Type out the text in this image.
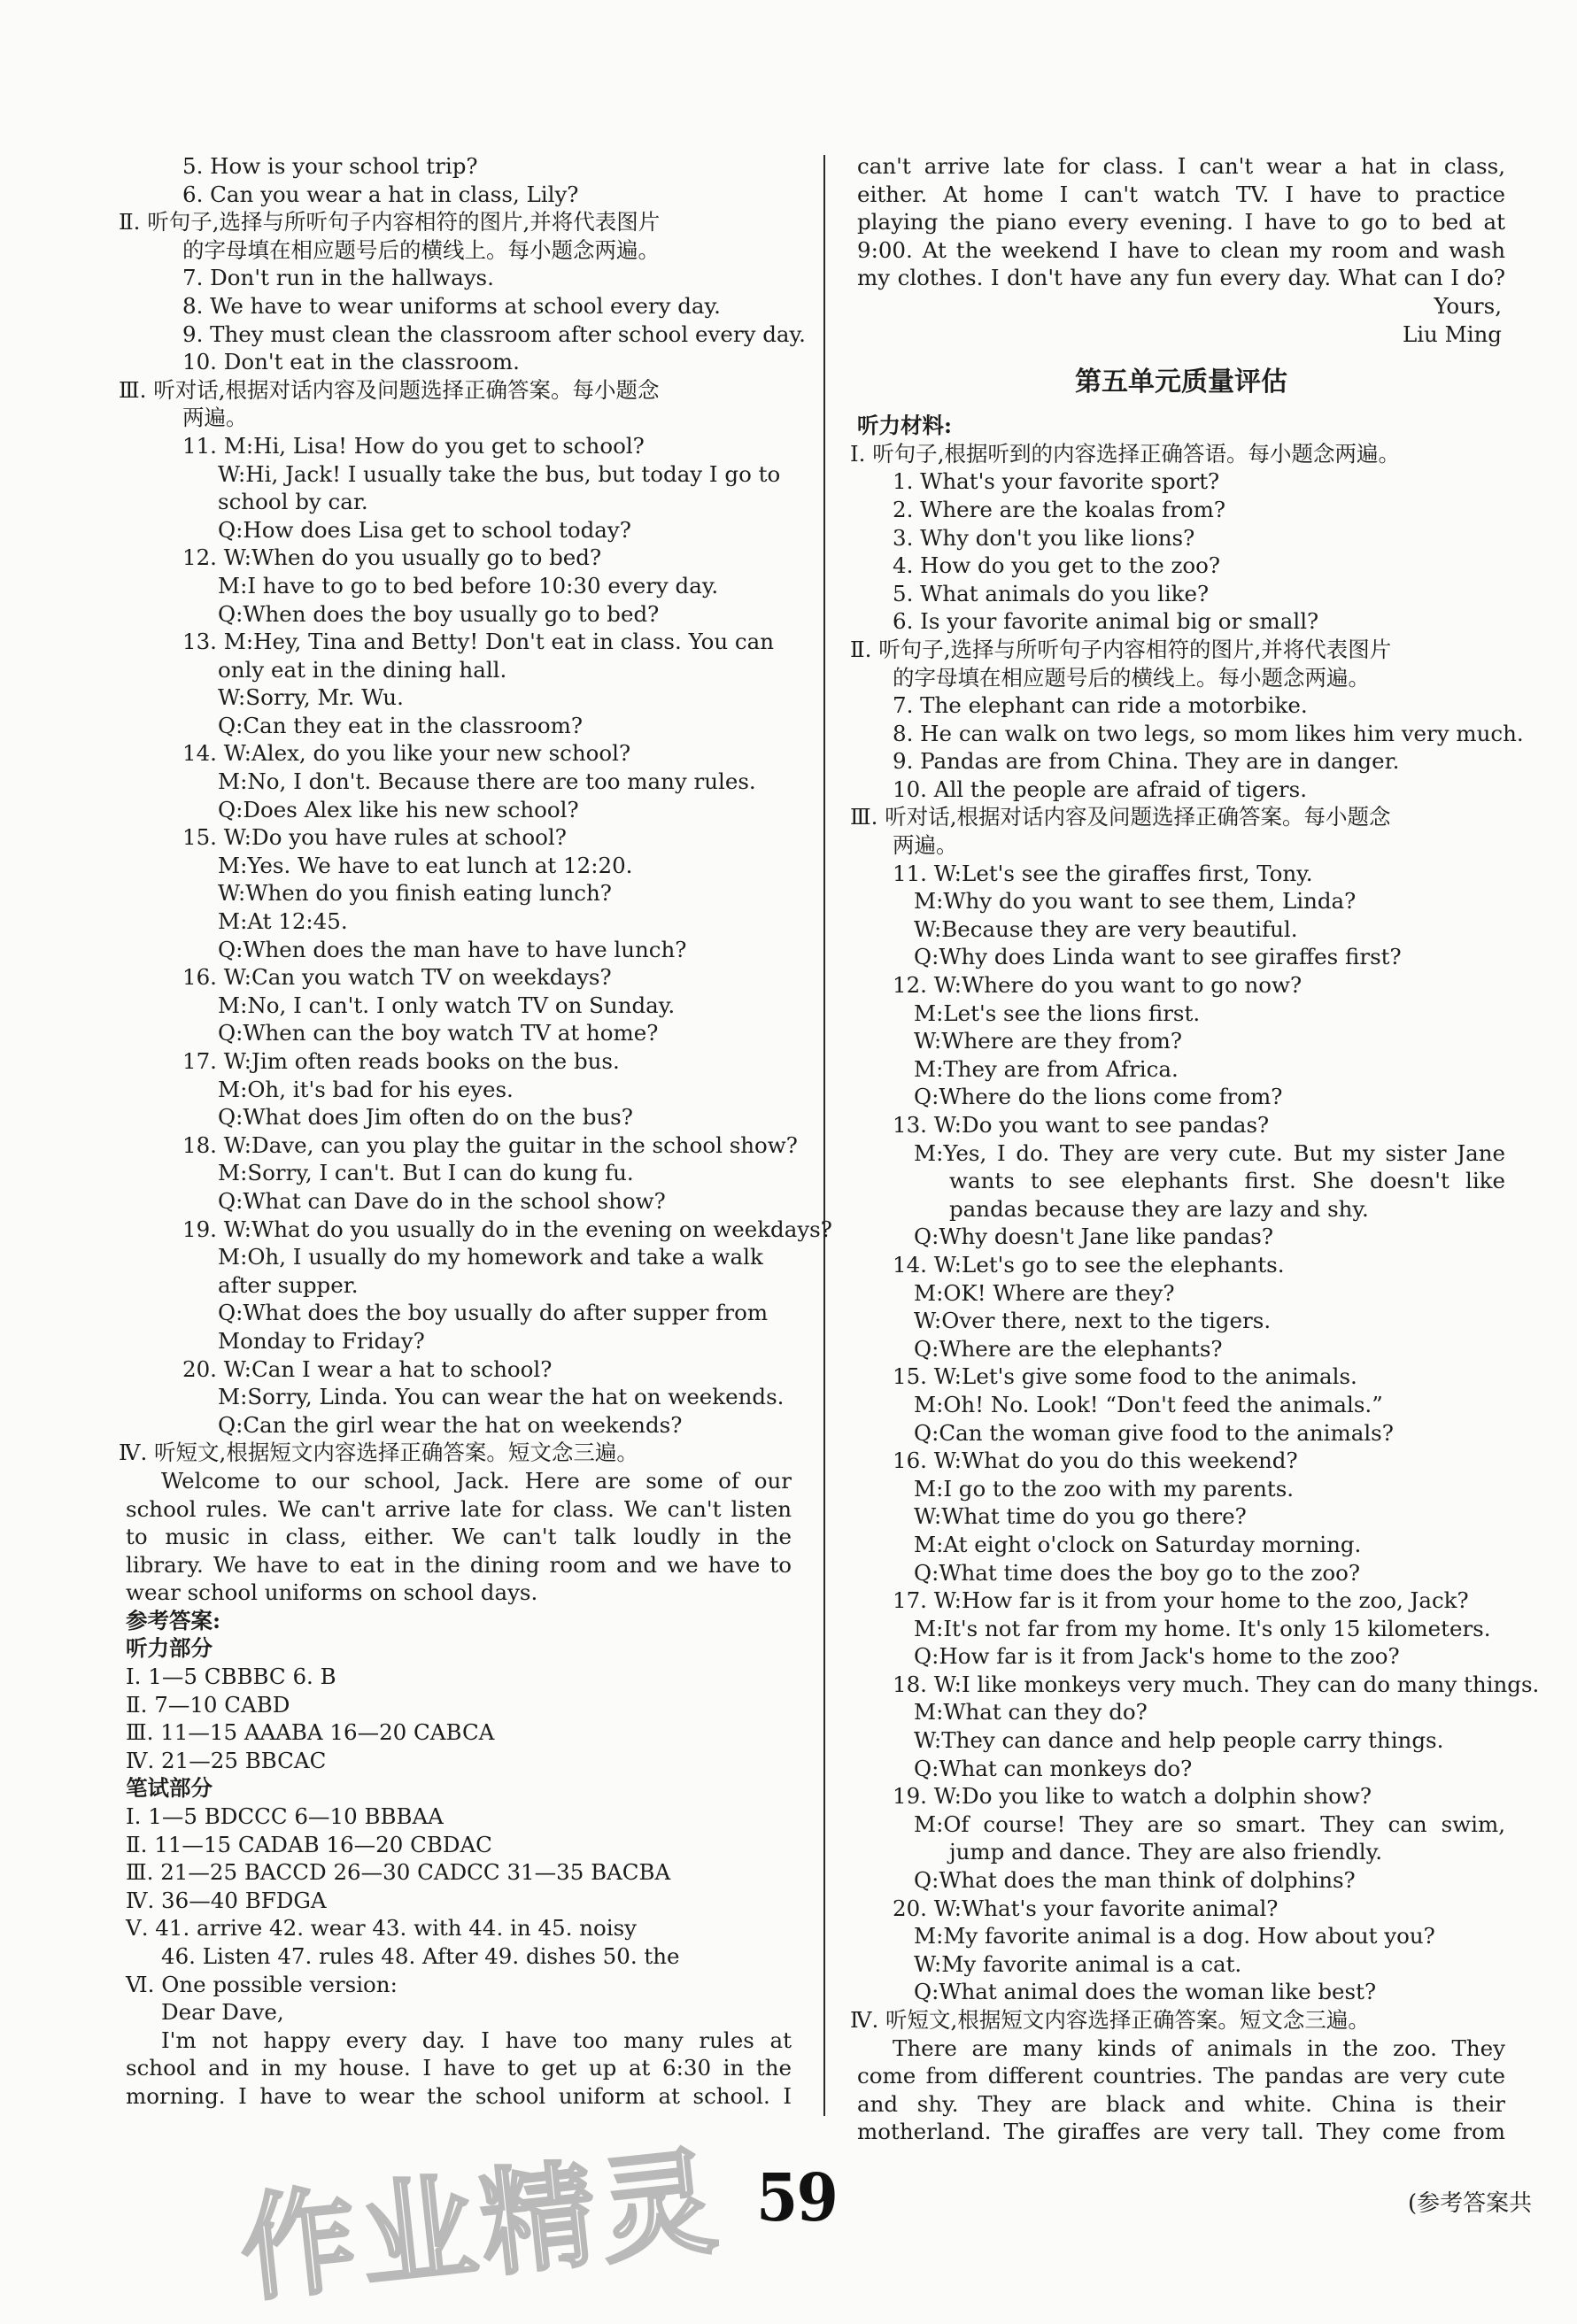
5. How is your school trip?
6. Can you wear a hat in class, Lily?
Ⅱ. 听句子,选择与所听句子内容相符的图片,并将代表图片
的字母填在相应题号后的横线上。每小题念两遍。
7. Don't run in the hallways.
8. We have to wear uniforms at school every day.
9. They must clean the classroom after school every day.
10. Don't eat in the classroom.
Ⅲ. 听对话,根据对话内容及问题选择正确答案。每小题念
两遍。
11. M:Hi, Lisa! How do you get to school?
W:Hi, Jack! I usually take the bus, but today I go to
school by car.
Q:How does Lisa get to school today?
12. W:When do you usually go to bed?
M:I have to go to bed before 10:30 every day.
Q:When does the boy usually go to bed?
13. M:Hey, Tina and Betty! Don't eat in class. You can
only eat in the dining hall.
W:Sorry, Mr. Wu.
Q:Can they eat in the classroom?
14. W:Alex, do you like your new school?
M:No, I don't. Because there are too many rules.
Q:Does Alex like his new school?
15. W:Do you have rules at school?
M:Yes. We have to eat lunch at 12:20.
W:When do you finish eating lunch?
M:At 12:45.
Q:When does the man have to have lunch?
16. W:Can you watch TV on weekdays?
M:No, I can't. I only watch TV on Sunday.
Q:When can the boy watch TV at home?
17. W:Jim often reads books on the bus.
M:Oh, it's bad for his eyes.
Q:What does Jim often do on the bus?
18. W:Dave, can you play the guitar in the school show?
M:Sorry, I can't. But I can do kung fu.
Q:What can Dave do in the school show?
19. W:What do you usually do in the evening on weekdays?
M:Oh, I usually do my homework and take a walk
after supper.
Q:What does the boy usually do after supper from
Monday to Friday?
20. W:Can I wear a hat to school?
M:Sorry, Linda. You can wear the hat on weekends.
Q:Can the girl wear the hat on weekends?
Ⅳ. 听短文,根据短文内容选择正确答案。短文念三遍。
Welcome to our school, Jack. Here are some of our
school rules. We can't arrive late for class. We can't listen
to music in class, either. We can't talk loudly in the
library. We have to eat in the dining room and we have to
wear school uniforms on school days.
参考答案:
听力部分
Ⅰ. 1—5 CBBBC 6. B
Ⅱ. 7—10 CABD
Ⅲ. 11—15 AAABA 16—20 CABCA
Ⅳ. 21—25 BBCAC
笔试部分
Ⅰ. 1—5 BDCCC 6—10 BBBAA
Ⅱ. 11—15 CADAB 16—20 CBDAC
Ⅲ. 21—25 BACCD 26—30 CADCC 31—35 BACBA
Ⅳ. 36—40 BFDGA
Ⅴ. 41. arrive 42. wear 43. with 44. in 45. noisy
46. Listen 47. rules 48. After 49. dishes 50. the
Ⅵ. One possible version:
Dear Dave,
I'm not happy every day. I have too many rules at
school and in my house. I have to get up at 6:30 in the
morning. I have to wear the school uniform at school. I
can't arrive late for class. I can't wear a hat in class,
either. At home I can't watch TV. I have to practice
playing the piano every evening. I have to go to bed at
9:00. At the weekend I have to clean my room and wash
my clothes. I don't have any fun every day. What can I do?
Yours,
Liu Ming
第五单元质量评估
听力材料:
Ⅰ. 听句子,根据听到的内容选择正确答语。每小题念两遍。
1. What's your favorite sport?
2. Where are the koalas from?
3. Why don't you like lions?
4. How do you get to the zoo?
5. What animals do you like?
6. Is your favorite animal big or small?
Ⅱ. 听句子,选择与所听句子内容相符的图片,并将代表图片
的字母填在相应题号后的横线上。每小题念两遍。
7. The elephant can ride a motorbike.
8. He can walk on two legs, so mom likes him very much.
9. Pandas are from China. They are in danger.
10. All the people are afraid of tigers.
Ⅲ. 听对话,根据对话内容及问题选择正确答案。每小题念
两遍。
11. W:Let's see the giraffes first, Tony.
M:Why do you want to see them, Linda?
W:Because they are very beautiful.
Q:Why does Linda want to see giraffes first?
12. W:Where do you want to go now?
M:Let's see the lions first.
W:Where are they from?
M:They are from Africa.
Q:Where do the lions come from?
13. W:Do you want to see pandas?
M:Yes, I do. They are very cute. But my sister Jane
wants to see elephants first. She doesn't like
pandas because they are lazy and shy.
Q:Why doesn't Jane like pandas?
14. W:Let's go to see the elephants.
M:OK! Where are they?
W:Over there, next to the tigers.
Q:Where are the elephants?
15. W:Let's give some food to the animals.
M:Oh! No. Look! “Don't feed the animals.”
Q:Can the woman give food to the animals?
16. W:What do you do this weekend?
M:I go to the zoo with my parents.
W:What time do you go there?
M:At eight o'clock on Saturday morning.
Q:What time does the boy go to the zoo?
17. W:How far is it from your home to the zoo, Jack?
M:It's not far from my home. It's only 15 kilometers.
Q:How far is it from Jack's home to the zoo?
18. W:I like monkeys very much. They can do many things.
M:What can they do?
W:They can dance and help people carry things.
Q:What can monkeys do?
19. W:Do you like to watch a dolphin show?
M:Of course! They are so smart. They can swim,
jump and dance. They are also friendly.
Q:What does the man think of dolphins?
20. W:What's your favorite animal?
M:My favorite animal is a dog. How about you?
W:My favorite animal is a cat.
Q:What animal does the woman like best?
Ⅳ. 听短文,根据短文内容选择正确答案。短文念三遍。
There are many kinds of animals in the zoo. They
come from different countries. The pandas are very cute
and shy. They are black and white. China is their
motherland. The giraffes are very tall. They come from
59	(参考答案共
作业精灵
